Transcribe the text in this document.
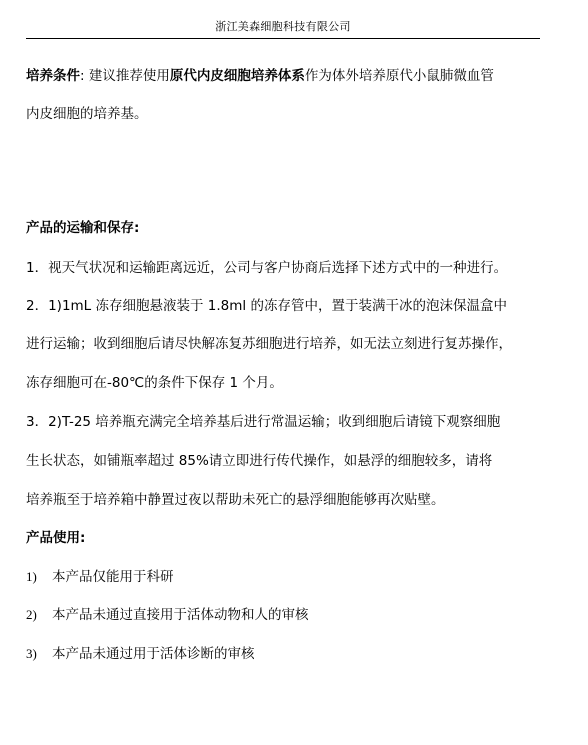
浙江美森细胞科技有限公司
培养条件: 建议推荐使用原代内皮细胞培养体系作为体外培养原代小鼠肺微血管
内皮细胞的培养基。
产品的运输和保存:
1．视天气状况和运输距离远近，公司与客户协商后选择下述方式中的一种进行。
2．1)1mL 冻存细胞悬液装于 1.8ml 的冻存管中，置于装满干冰的泡沫保温盒中
进行运输；收到细胞后请尽快解冻复苏细胞进行培养，如无法立刻进行复苏操作，
冻存细胞可在-80℃的条件下保存 1 个月。
3．2)T-25 培养瓶充满完全培养基后进行常温运输；收到细胞后请镜下观察细胞
生长状态，如铺瓶率超过 85%请立即进行传代操作，如悬浮的细胞较多，请将
培养瓶至于培养箱中静置过夜以帮助未死亡的悬浮细胞能够再次贴壁。
产品使用:
1) 本产品仅能用于科研
2) 本产品未通过直接用于活体动物和人的审核
3) 本产品未通过用于活体诊断的审核
